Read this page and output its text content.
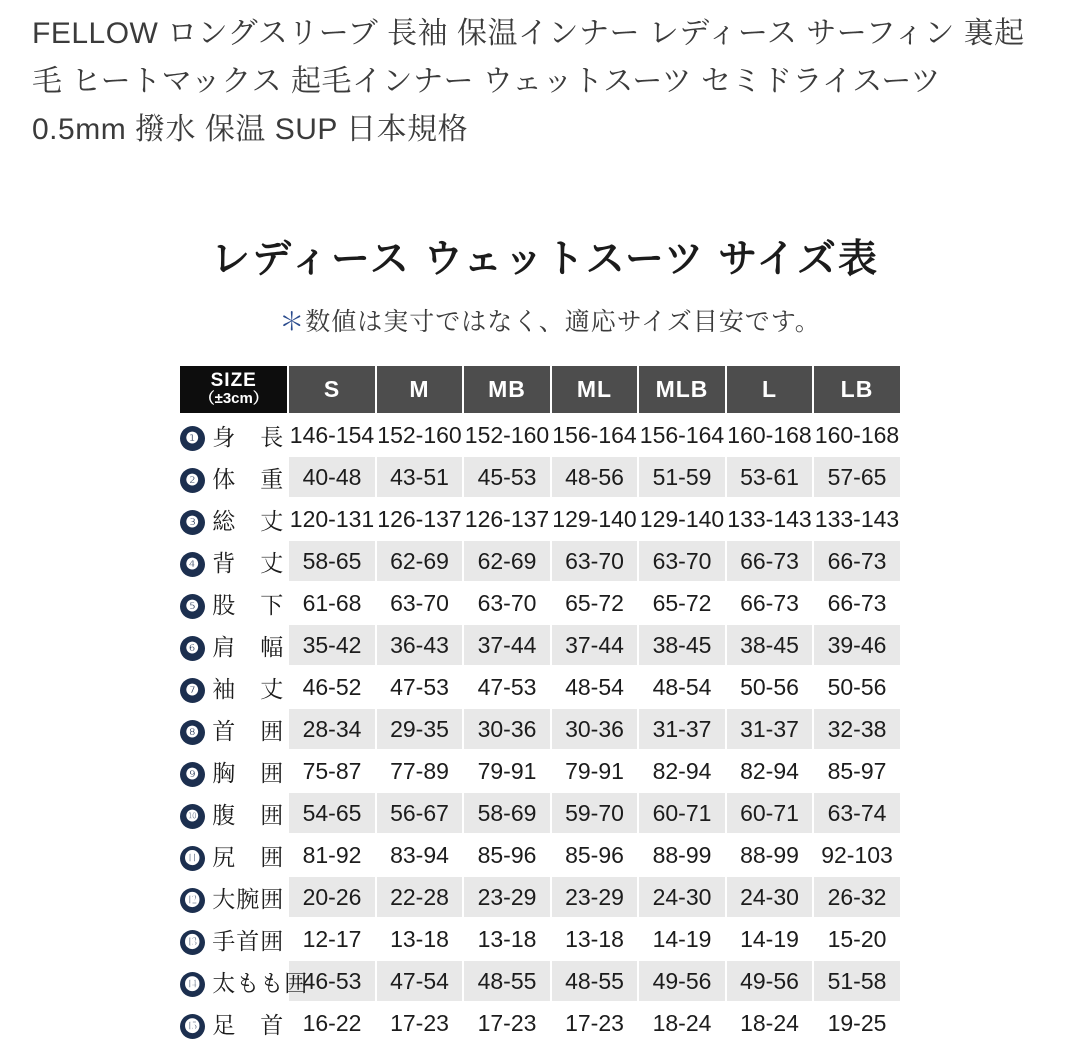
FELLOW ロングスリーブ 長袖 保温インナー レディース サーフィン 裏起毛 ヒートマックス 起毛インナー ウェットスーツ セミドライスーツ 0.5mm 撥水 保温 SUP 日本規格
レディース ウェットスーツ サイズ表
＊数値は実寸ではなく、適応サイズ目安です。
SIZE
（±3cm）	S	M	MB	ML	MLB	L	LB
❶ 身　長	146-154	152-160	152-160	156-164	156-164	160-168	160-168
❷ 体　重	40-48	43-51	45-53	48-56	51-59	53-61	57-65
❸ 総　丈	120-131	126-137	126-137	129-140	129-140	133-143	133-143
❹ 背　丈	58-65	62-69	62-69	63-70	63-70	66-73	66-73
❺ 股　下	61-68	63-70	63-70	65-72	65-72	66-73	66-73
❻ 肩　幅	35-42	36-43	37-44	37-44	38-45	38-45	39-46
❼ 袖　丈	46-52	47-53	47-53	48-54	48-54	50-56	50-56
❽ 首　囲	28-34	29-35	30-36	30-36	31-37	31-37	32-38
❾ 胸　囲	75-87	77-89	79-91	79-91	82-94	82-94	85-97
❿ 腹　囲	54-65	56-67	58-69	59-70	60-71	60-71	63-74
⓫ 尻　囲	81-92	83-94	85-96	85-96	88-99	88-99	92-103
⓬ 大腕囲	20-26	22-28	23-29	23-29	24-30	24-30	26-32
⓭ 手首囲	12-17	13-18	13-18	13-18	14-19	14-19	15-20
⓮ 太もも囲	46-53	47-54	48-55	48-55	49-56	49-56	51-58
⓯ 足　首	16-22	17-23	17-23	17-23	18-24	18-24	19-25
